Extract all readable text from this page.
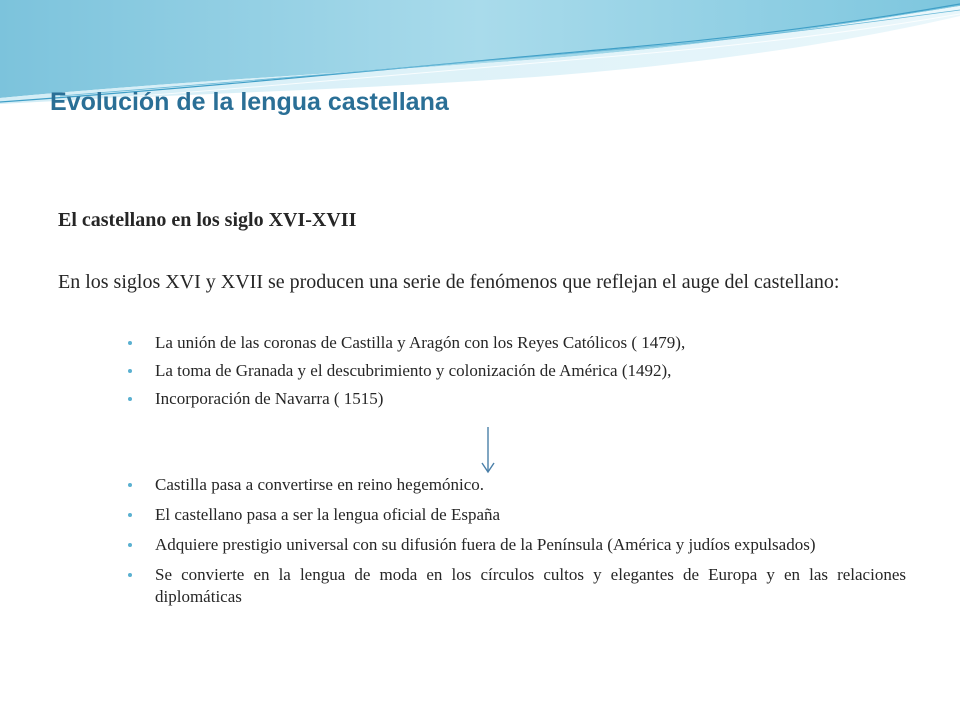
Evolución de la lengua castellana

El castellano en los siglo XVI-XVII

En los siglos XVI y XVII se producen una serie de fenómenos que reflejan el auge del castellano:

La unión de las coronas de Castilla y Aragón con los Reyes Católicos ( 1479),
La toma de Granada y el descubrimiento y colonización de América (1492),
Incorporación de Navarra ( 1515)
Castilla pasa a convertirse en reino hegemónico.
El castellano pasa a ser la lengua oficial de España
Adquiere prestigio universal con su difusión fuera de la Península (América y judíos expulsados)
Se convierte en la lengua de moda en los círculos cultos y elegantes de Europa y en las relaciones diplomáticas
